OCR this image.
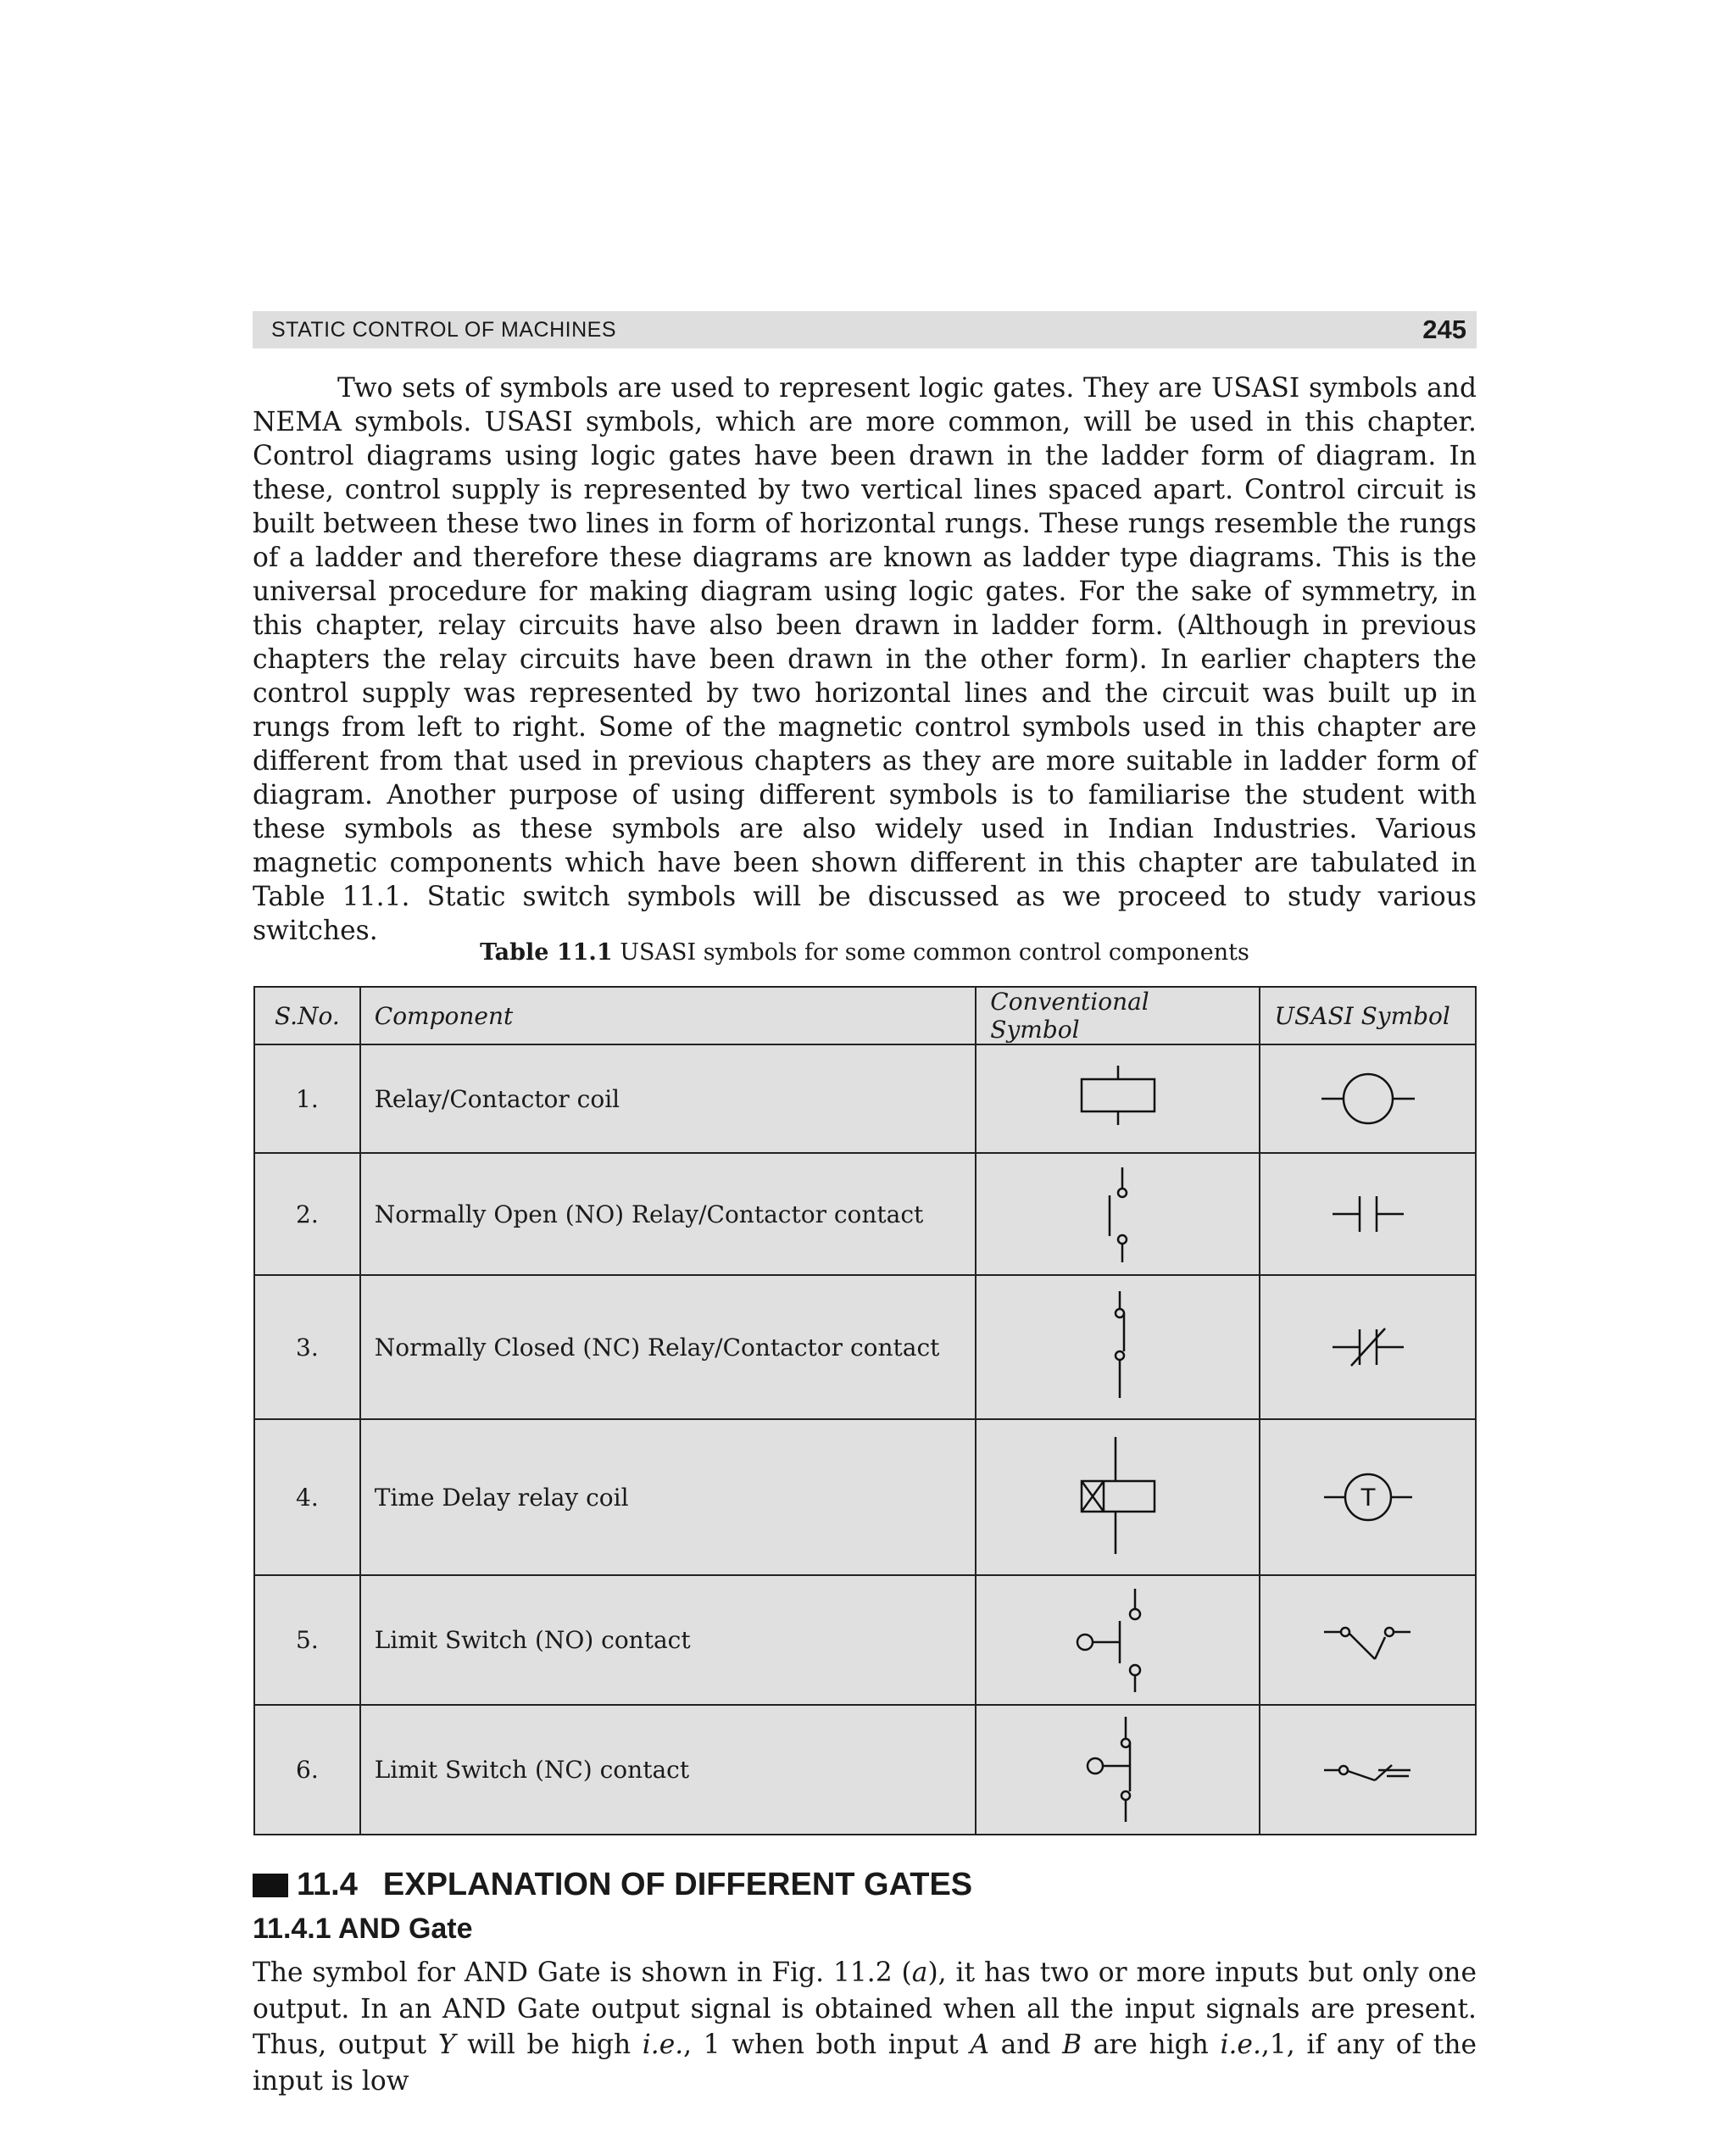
STATIC CONTROL OF MACHINES	245

Two sets of symbols are used to represent logic gates. They are USASI symbols and NEMA symbols. USASI symbols, which are more common, will be used in this chapter. Control diagrams using logic gates have been drawn in the ladder form of diagram. In these, control supply is represented by two vertical lines spaced apart. Control circuit is built between these two lines in form of horizontal rungs. These rungs resemble the rungs of a ladder and therefore these diagrams are known as ladder type diagrams. This is the universal procedure for making diagram using logic gates. For the sake of symmetry, in this chapter, relay circuits have also been drawn in ladder form. (Although in previous chapters the relay circuits have been drawn in the other form). In earlier chapters the control supply was represented by two horizontal lines and the circuit was built up in rungs from left to right. Some of the magnetic control symbols used in this chapter are different from that used in previous chapters as they are more suitable in ladder form of diagram. Another purpose of using different symbols is to familiarise the student with these symbols as these symbols are also widely used in Indian Industries. Various magnetic components which have been shown different in this chapter are tabulated in Table 11.1. Static switch symbols will be discussed as we proceed to study various switches.

Table 11.1 USASI symbols for some common control components
S.No.	Component	Conventional Symbol	USASI Symbol
1.	Relay/Contactor coil	

2.	Normally Open (NO) Relay/Contactor contact	

3.	Normally Closed (NC) Relay/Contactor contact	

4.	Time Delay relay coil		T

5.	Limit Switch (NO) contact	

6.	Limit Switch (NC) contact	

11.4 EXPLANATION OF DIFFERENT GATES
11.4.1 AND Gate

The symbol for AND Gate is shown in Fig. 11.2 (a), it has two or more inputs but only one output. In an AND Gate output signal is obtained when all the input signals are present. Thus, output Y will be high i.e., 1 when both input A and B are high i.e.,1, if any of the input is low
